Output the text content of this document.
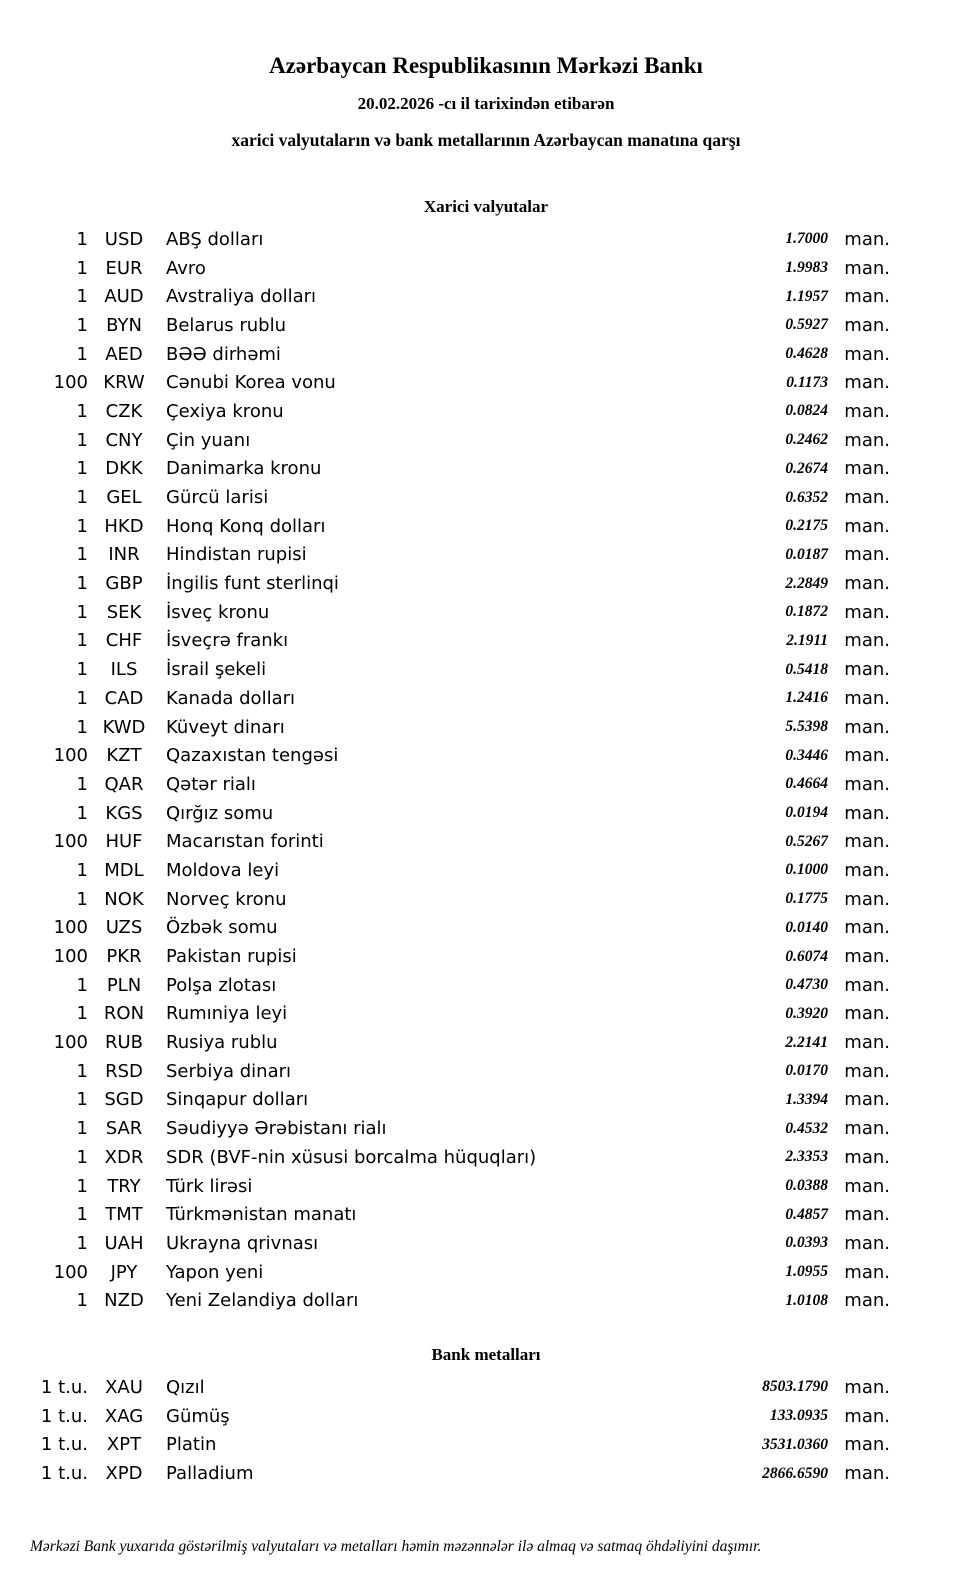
Azərbaycan Respublikasının Mərkəzi Bankı

20.02.2026 -cı il tarixindən etibarən

xarici valyutaların və bank metallarının Azərbaycan manatına qarşı

Xarici valyutalar
1 USD	ABŞ dolları	1.7000 man.
1 EUR	Avro	1.9983 man.
1 AUD	Avstraliya dolları	1.1957 man.
1	BYN	Belarus rublu	0.5927 man.
1 AED	BƏƏ dirhəmi	0.4628 man.
100 KRW	Cənubi Korea vonu	0.1173 man.
1 CZK	Çexiya kronu	0.0824 man.
1 CNY	Çin yuanı	0.2462 man.
1 DKK	Danimarka kronu	0.2674 man.
1	GEL	Gürcü larisi	0.6352 man.
1 HKD	Honq Konq dolları	0.2175 man.
1	INR	Hindistan rupisi	0.0187 man.
1 GBP	İngilis funt sterlinqi	2.2849 man.
1	SEK	İsveç kronu	0.1872 man.
1 CHF	İsveçrə frankı	2.1911 man.
1	ILS	İsrail şekeli	0.5418 man.
1 CAD	Kanada dolları	1.2416 man.
1 KWD	Küveyt dinarı	5.5398 man.
100	KZT	Qazaxıstan tengəsi	0.3446 man.
1 QAR	Qətər rialı	0.4664 man.
1 KGS	Qırğız somu	0.0194 man.
100 HUF	Macarıstan forinti	0.5267 man.
1 MDL	Moldova leyi	0.1000 man.
1 NOK	Norveç kronu	0.1775 man.
100 UZS	Özbək somu	0.0140 man.
100	PKR	Pakistan rupisi	0.6074 man.
1	PLN	Polşa zlotası	0.4730 man.
1 RON	Rumıniya leyi	0.3920 man.
100 RUB	Rusiya rublu	2.2141 man.
1 RSD	Serbiya dinarı	0.0170 man.
1 SGD	Sinqapur dolları	1.3394 man.
1 SAR	Səudiyyə Ərəbistanı rialı	0.4532 man.
1 XDR	SDR (BVF-nin xüsusi borcalma hüquqları)	2.3353 man.
1	TRY	Türk lirəsi	0.0388 man.
1 TMT	Türkmənistan manatı	0.4857 man.
1 UAH	Ukrayna qrivnası	0.0393 man.
100	JPY	Yapon yeni	1.0955 man.
1 NZD	Yeni Zelandiya dolları	1.0108 man.
Bank metalları
1 t.u. XAU	Qızıl	8503.1790 man.
1 t.u. XAG	Gümüş	133.0935 man.
1 t.u.	XPT	Platin	3531.0360 man.
1 t.u. XPD	Palladium	2866.6590 man.

Mərkəzi Bank yuxarıda göstərilmiş valyutaları və metalları həmin məzənnələr ilə almaq və satmaq öhdəliyini daşımır.
